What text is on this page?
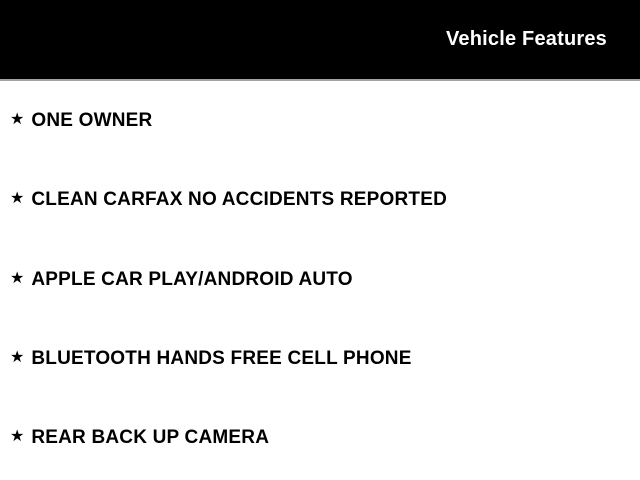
Vehicle Features
★ ONE OWNER
★ CLEAN CARFAX NO ACCIDENTS REPORTED
★ APPLE CAR PLAY/ANDROID AUTO
★ BLUETOOTH HANDS FREE CELL PHONE
★ REAR BACK UP CAMERA
